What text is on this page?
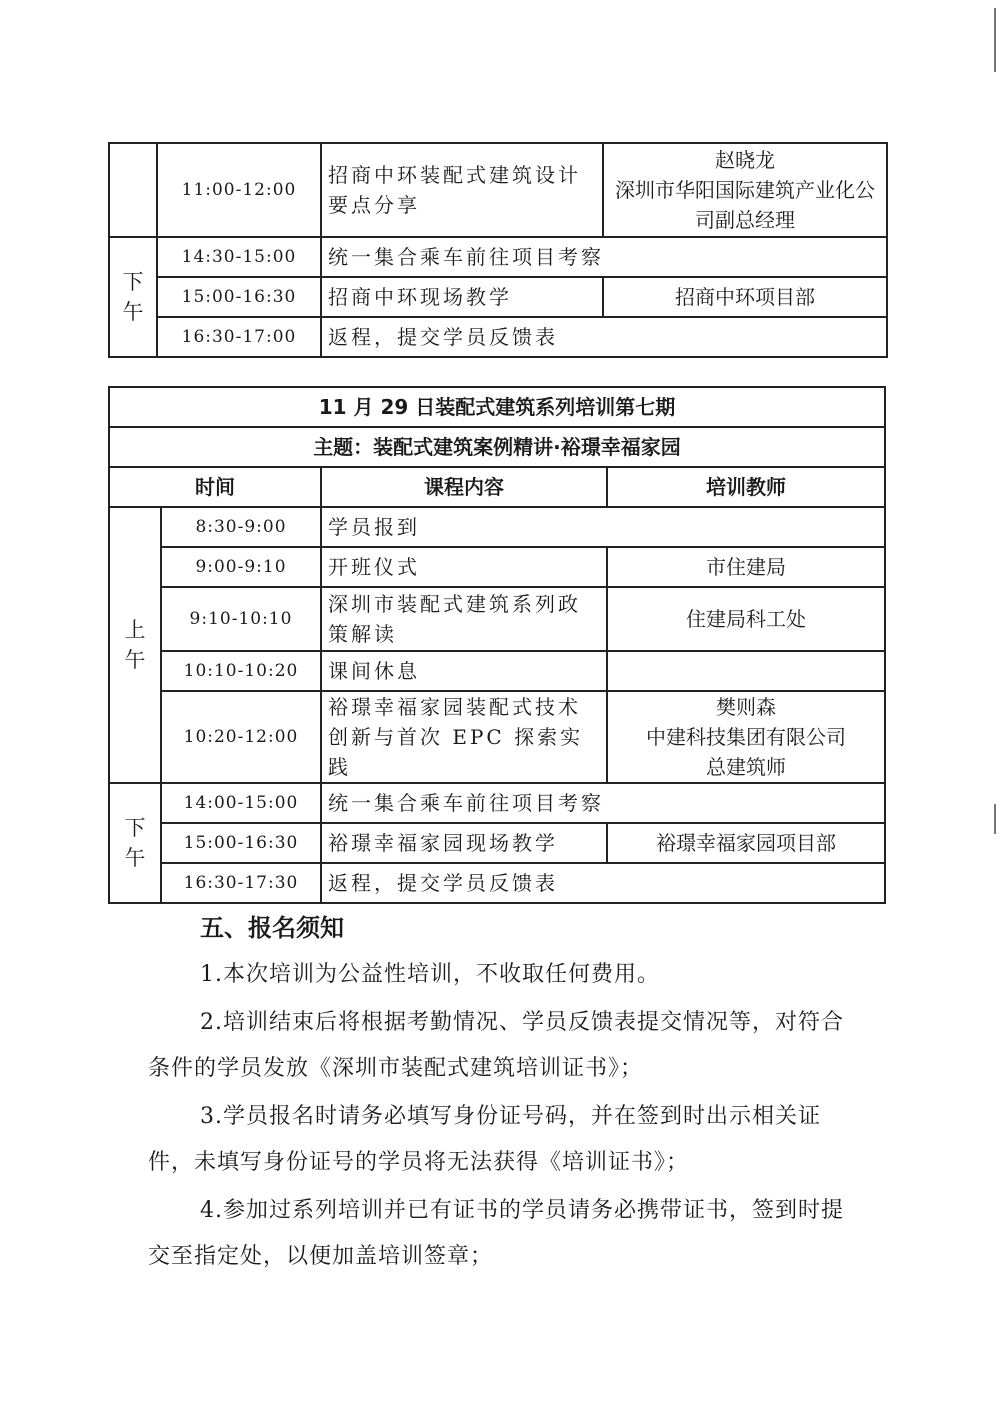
	11:00-12:00	招商中环装配式建筑设计要点分享	赵晓龙
深圳市华阳国际建筑产业化公司副总经理
下午	14:30-15:00	统一集合乘车前往项目考察	
	15:00-16:30	招商中环现场教学	招商中环项目部
	16:30-17:00	返程，提交学员反馈表	
11 月 29 日装配式建筑系列培训第七期			
主题：装配式建筑案例精讲·裕璟幸福家园			
时间		课程内容	培训教师
上午	8:30-9:00	学员报到	
	9:00-9:10	开班仪式	市住建局
	9:10-10:10	深圳市装配式建筑系列政策解读	住建局科工处
	10:10-10:20	课间休息	
	10:20-12:00	裕璟幸福家园装配式技术创新与首次 EPC 探索实践	樊则森
中建科技集团有限公司
总建筑师
下午	14:00-15:00	统一集合乘车前往项目考察	
	15:00-16:30	裕璟幸福家园现场教学	裕璟幸福家园项目部
	16:30-17:30	返程，提交学员反馈表	
五、报名须知

1.本次培训为公益性培训，不收取任何费用。

2.培训结束后将根据考勤情况、学员反馈表提交情况等，对符合条件的学员发放《深圳市装配式建筑培训证书》；

3.学员报名时请务必填写身份证号码，并在签到时出示相关证件，未填写身份证号的学员将无法获得《培训证书》；

4.参加过系列培训并已有证书的学员请务必携带证书，签到时提交至指定处，以便加盖培训签章；
